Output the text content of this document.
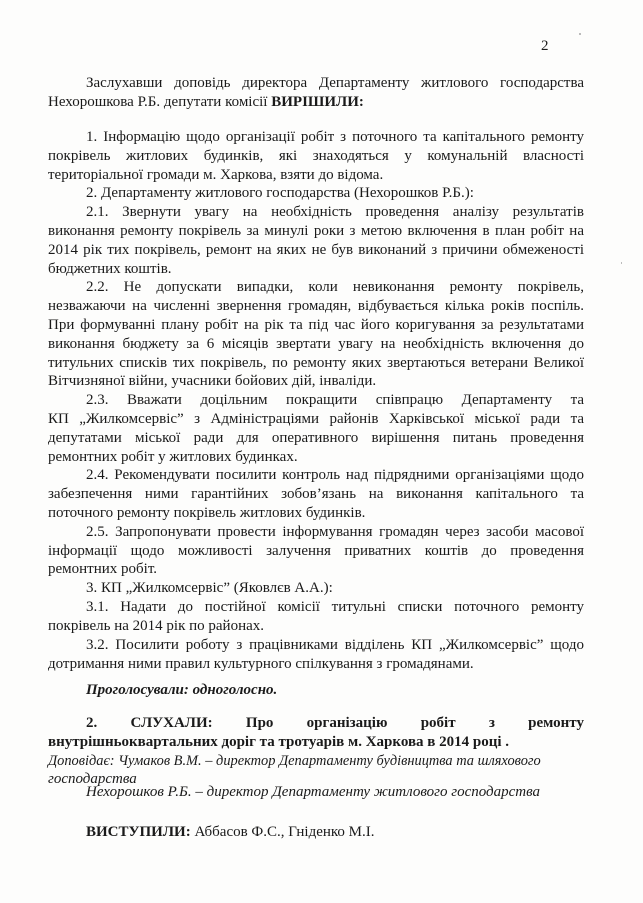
2
Заслухавши доповідь директора Департаменту житлового господарства
Нехорошкова Р.Б. депутати комісії ВИРІШИЛИ:
1. Інформацію щодо організації робіт з поточного та капітального ремонту
покрівель житлових будинків, які знаходяться у комунальній власності
територіальної громади м. Харкова, взяти до відома.
2. Департаменту житлового господарства (Нехорошков Р.Б.):
2.1. Звернути увагу на необхідність проведення аналізу результатів
виконання ремонту покрівель за минулі роки з метою включення в план робіт на
2014 рік тих покрівель, ремонт на яких не був виконаний з причини обмеженості
бюджетних коштів.
2.2. Не допускати випадки, коли невиконання ремонту покрівель,
незважаючи на численні звернення громадян, відбувається кілька років поспіль.
При формуванні плану робіт на рік та під час його коригування за результатами
виконання бюджету за 6 місяців звертати увагу на необхідність включення до
титульних списків тих покрівель, по ремонту яких звертаються ветерани Великої
Вітчизняної війни, учасники бойових дій, інваліди.
2.3. Вважати доцільним покращити співпрацю Департаменту та
КП „Жилкомсервіс” з Адміністраціями районів Харківської міської ради та
депутатами міської ради для оперативного вирішення питань проведення
ремонтних робіт у житлових будинках.
2.4. Рекомендувати посилити контроль над підрядними організаціями щодо
забезпечення ними гарантійних зобов’язань на виконання капітального та
поточного ремонту покрівель житлових будинків.
2.5. Запропонувати провести інформування громадян через засоби масової
інформації щодо можливості залучення приватних коштів до проведення
ремонтних робіт.
3. КП „Жилкомсервіс” (Яковлєв А.А.):
3.1. Надати до постійної комісії титульні списки поточного ремонту
покрівель на 2014 рік по районах.
3.2. Посилити роботу з працівниками відділень КП „Жилкомсервіс” щодо
дотримання ними правил культурного спілкування з громадянами.
Проголосували: одноголосно.
2. СЛУХАЛИ: Про організацію робіт з ремонту
внутрішньоквартальних доріг та тротуарів м. Харкова в 2014 році .
Доповідає: Чумаков В.М. – директор Департаменту будівництва та шляхового
господарства
Нехорошков Р.Б. – директор Департаменту житлового господарства
ВИСТУПИЛИ: Аббасов Ф.С., Гніденко М.І.
